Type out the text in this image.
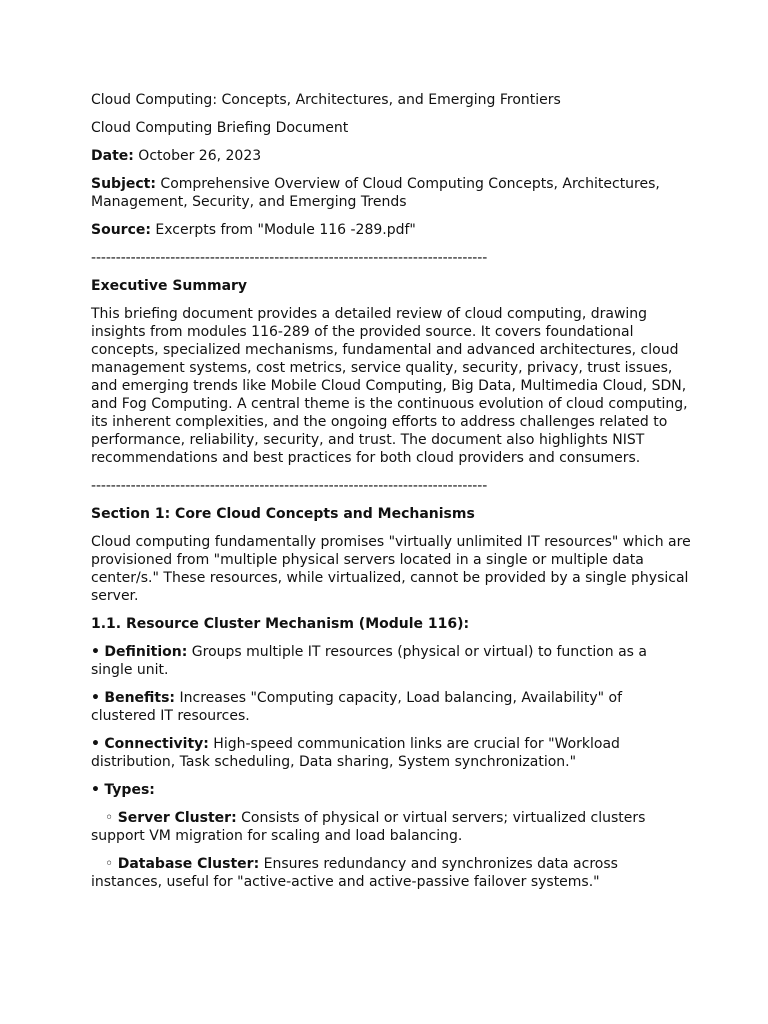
Cloud Computing: Concepts, Architectures, and Emerging Frontiers
Cloud Computing Briefing Document
Date: October 26, 2023
Subject: Comprehensive Overview of Cloud Computing Concepts, Architectures, Management, Security, and Emerging Trends
Source: Excerpts from "Module 116 -289.pdf"
--------------------------------------------------------------------------------
Executive Summary
This briefing document provides a detailed review of cloud computing, drawing insights from modules 116-289 of the provided source. It covers foundational concepts, specialized mechanisms, fundamental and advanced architectures, cloud management systems, cost metrics, service quality, security, privacy, trust issues, and emerging trends like Mobile Cloud Computing, Big Data, Multimedia Cloud, SDN, and Fog Computing. A central theme is the continuous evolution of cloud computing, its inherent complexities, and the ongoing efforts to address challenges related to performance, reliability, security, and trust. The document also highlights NIST recommendations and best practices for both cloud providers and consumers.
--------------------------------------------------------------------------------
Section 1: Core Cloud Concepts and Mechanisms
Cloud computing fundamentally promises "virtually unlimited IT resources" which are provisioned from "multiple physical servers located in a single or multiple data center/s." These resources, while virtualized, cannot be provided by a single physical server.
1.1. Resource Cluster Mechanism (Module 116):
• Definition: Groups multiple IT resources (physical or virtual) to function as a single unit.
• Benefits: Increases "Computing capacity, Load balancing, Availability" of clustered IT resources.
• Connectivity: High-speed communication links are crucial for "Workload distribution, Task scheduling, Data sharing, System synchronization."
• Types:
◦ Server Cluster: Consists of physical or virtual servers; virtualized clusters support VM migration for scaling and load balancing.
◦ Database Cluster: Ensures redundancy and synchronizes data across instances, useful for "active-active and active-passive failover systems."
